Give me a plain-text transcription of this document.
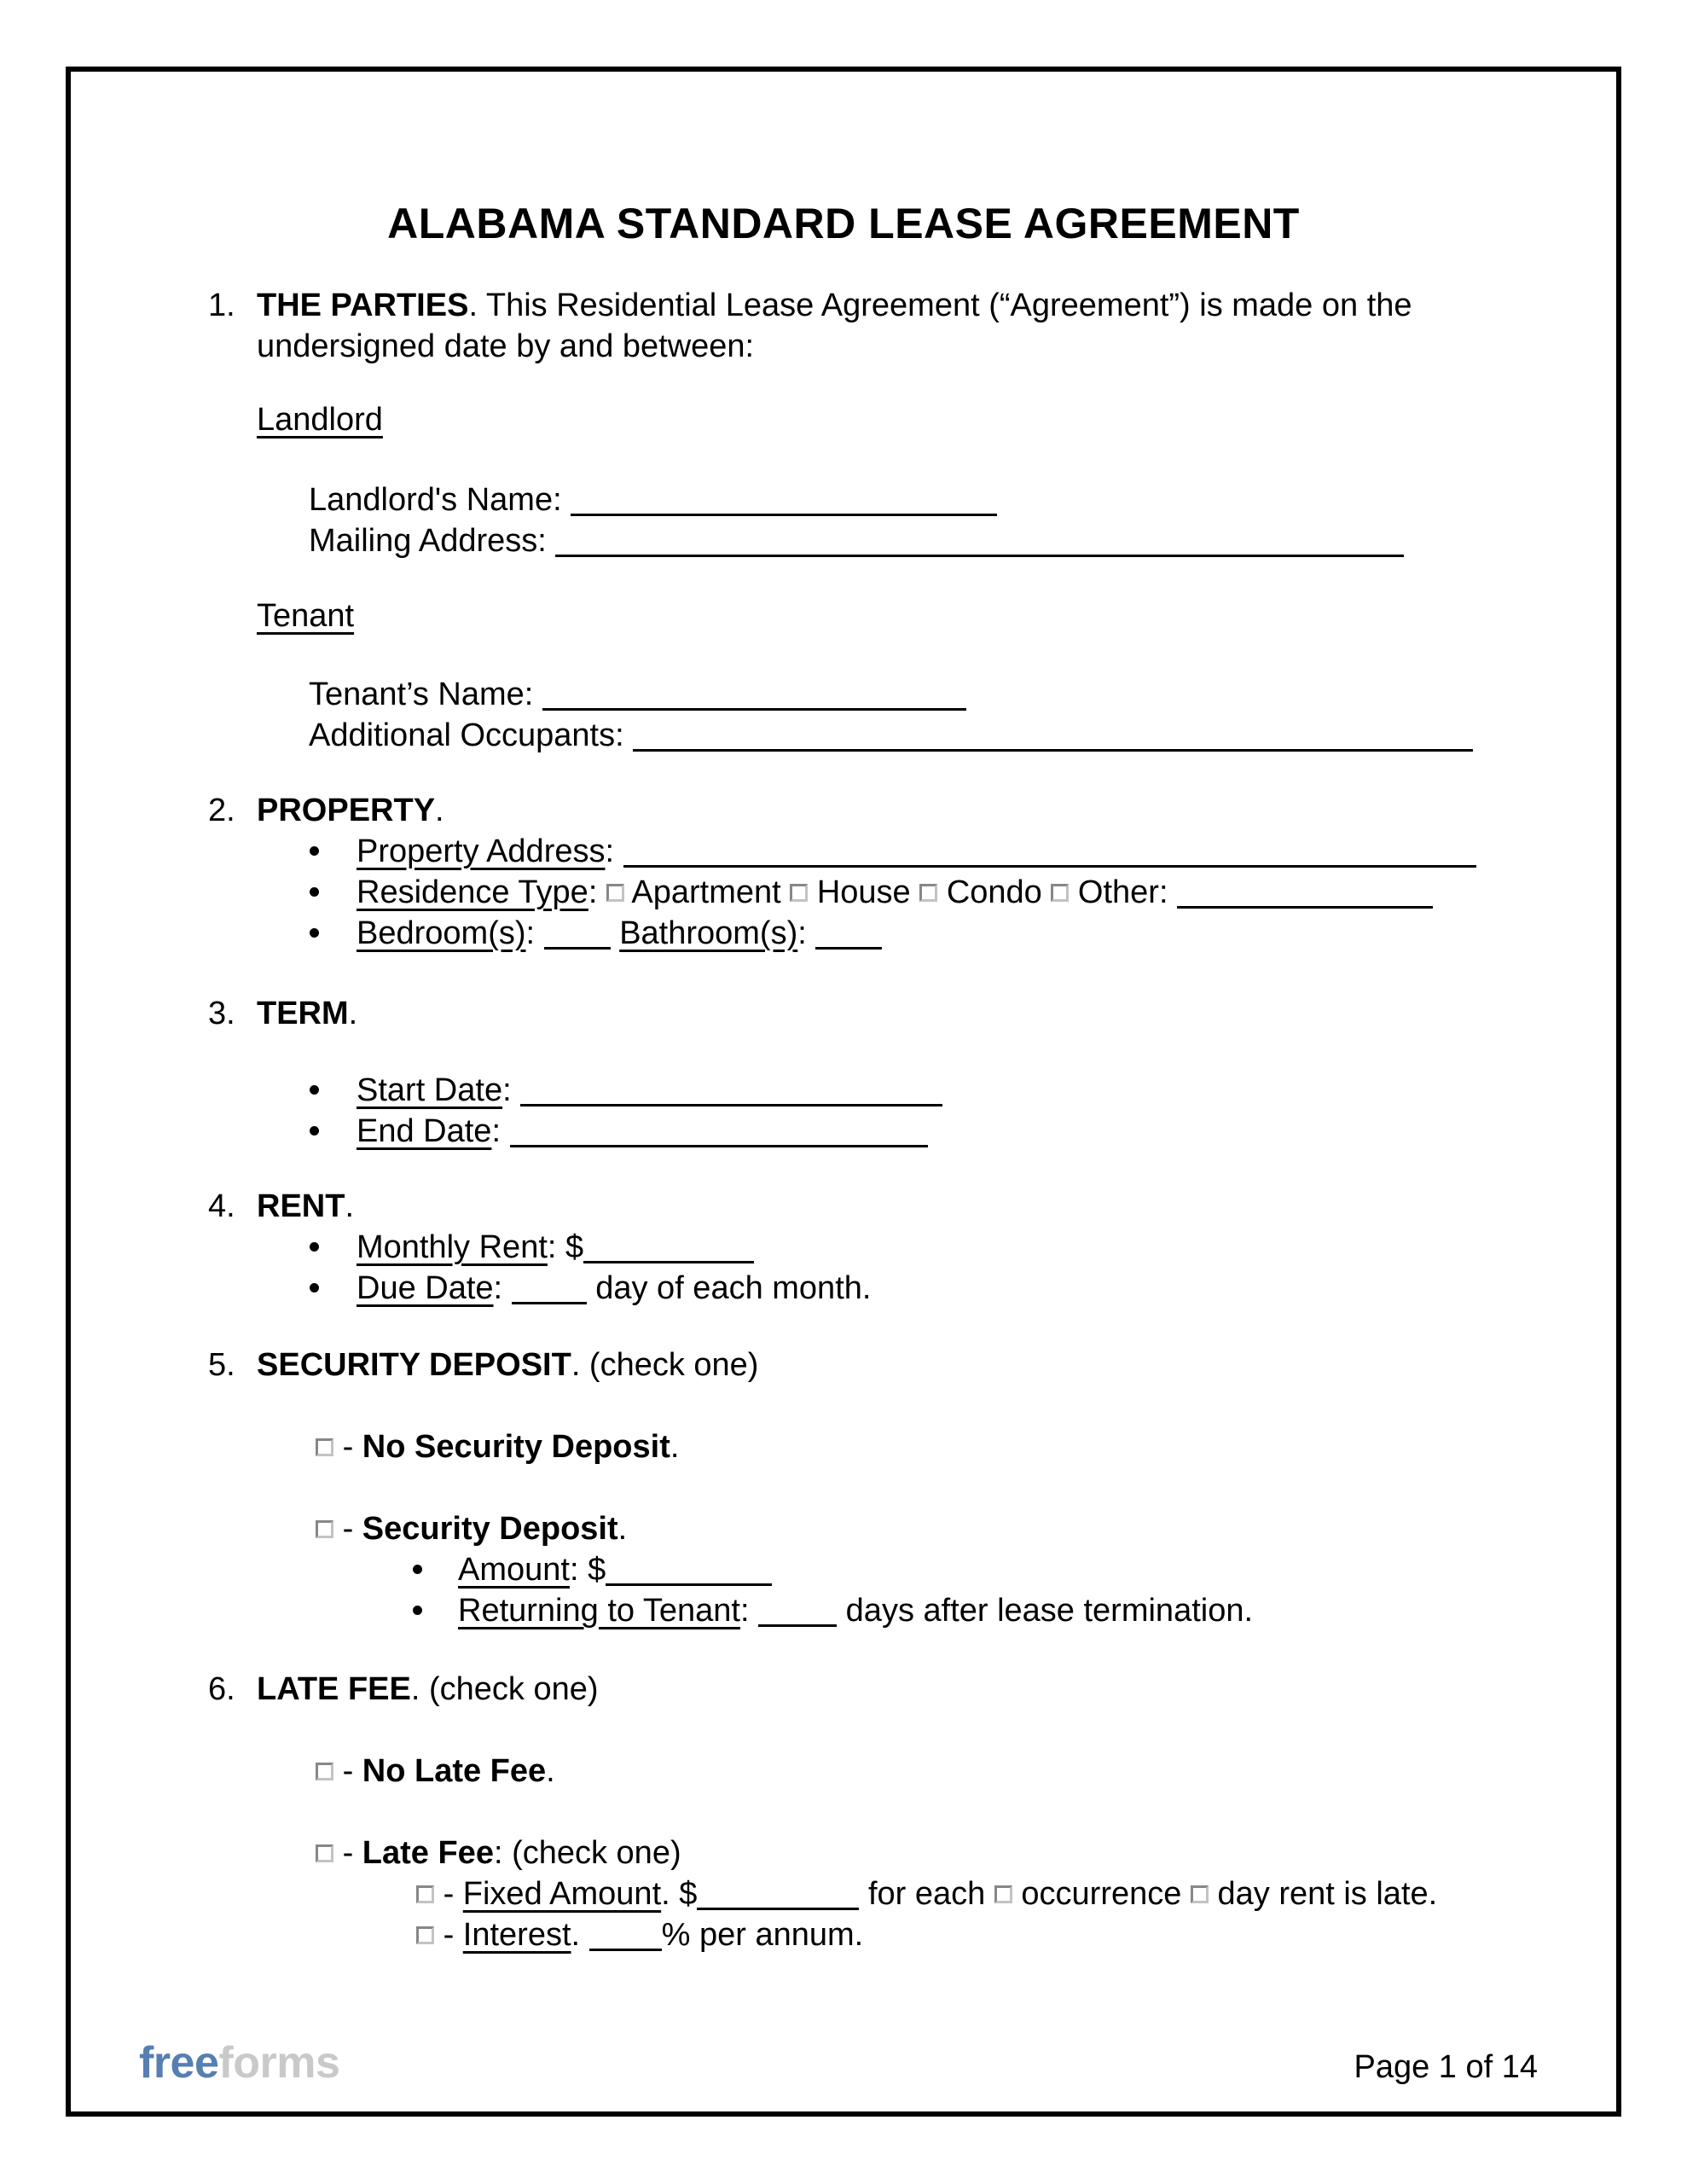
ALABAMA STANDARD LEASE AGREEMENT
1. THE PARTIES. This Residential Lease Agreement (“Agreement”) is made on the
undersigned date by and between:
Landlord
Landlord's Name:
Mailing Address:
Tenant
Tenant’s Name:
Additional Occupants:
2. PROPERTY.
Property Address:
Residence Type: Apartment House Condo Other:
Bedroom(s):	Bathroom(s):
3. TERM.
Start Date:
End Date:
4. RENT.
Monthly Rent: $
Due Date:	day of each month.
5. SECURITY DEPOSIT. (check one)
- No Security Deposit.
- Security Deposit.
Amount: $
Returning to Tenant:	days after lease termination.
6. LATE FEE. (check one)
- No Late Fee.
- Late Fee: (check one)
- Fixed Amount. $	for each occurrence day rent is late.
- Interest.	% per annum.
freeforms	Page 1 of 14
